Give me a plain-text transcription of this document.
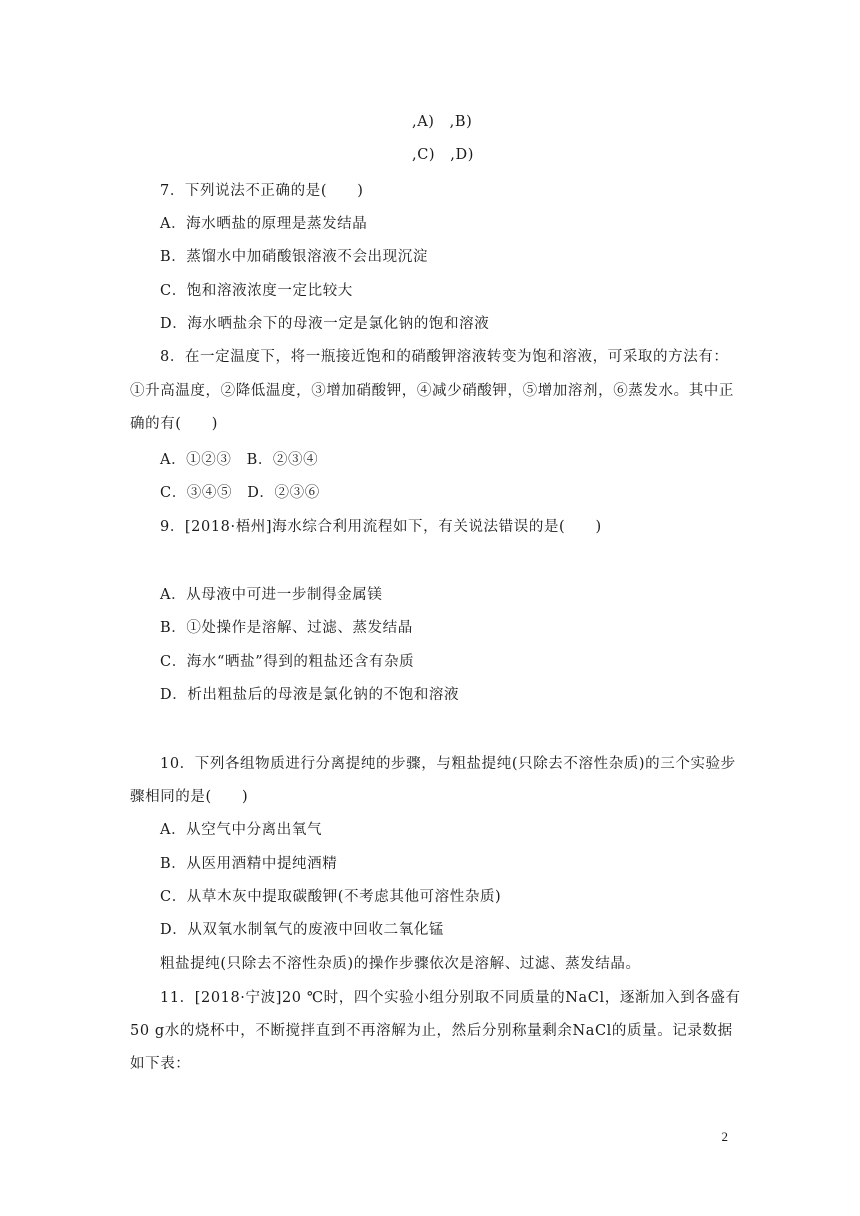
,A)　,B)
,C)　,D)
7．下列说法不正确的是(　　)
A．海水晒盐的原理是蒸发结晶
B．蒸馏水中加硝酸银溶液不会出现沉淀
C．饱和溶液浓度一定比较大
D．海水晒盐余下的母液一定是氯化钠的饱和溶液
8．在一定温度下，将一瓶接近饱和的硝酸钾溶液转变为饱和溶液，可采取的方法有：
①升高温度，②降低温度，③增加硝酸钾，④减少硝酸钾，⑤增加溶剂，⑥蒸发水。其中正
确的有(　　)
A．①②③　B．②③④
C．③④⑤　D．②③⑥
9．[2018·梧州]海水综合利用流程如下，有关说法错误的是(　　)
A．从母液中可进一步制得金属镁
B．①处操作是溶解、过滤、蒸发结晶
C．海水“晒盐”得到的粗盐还含有杂质
D．析出粗盐后的母液是氯化钠的不饱和溶液
10．下列各组物质进行分离提纯的步骤，与粗盐提纯(只除去不溶性杂质)的三个实验步
骤相同的是(　　)
A．从空气中分离出氧气
B．从医用酒精中提纯酒精
C．从草木灰中提取碳酸钾(不考虑其他可溶性杂质)
D．从双氧水制氧气的废液中回收二氧化锰
粗盐提纯(只除去不溶性杂质)的操作步骤依次是溶解、过滤、蒸发结晶。
11．[2018·宁波]20 ℃时，四个实验小组分别取不同质量的NaCl，逐渐加入到各盛有
50 g水的烧杯中，不断搅拌直到不再溶解为止，然后分别称量剩余NaCl的质量。记录数据
如下表：
2
